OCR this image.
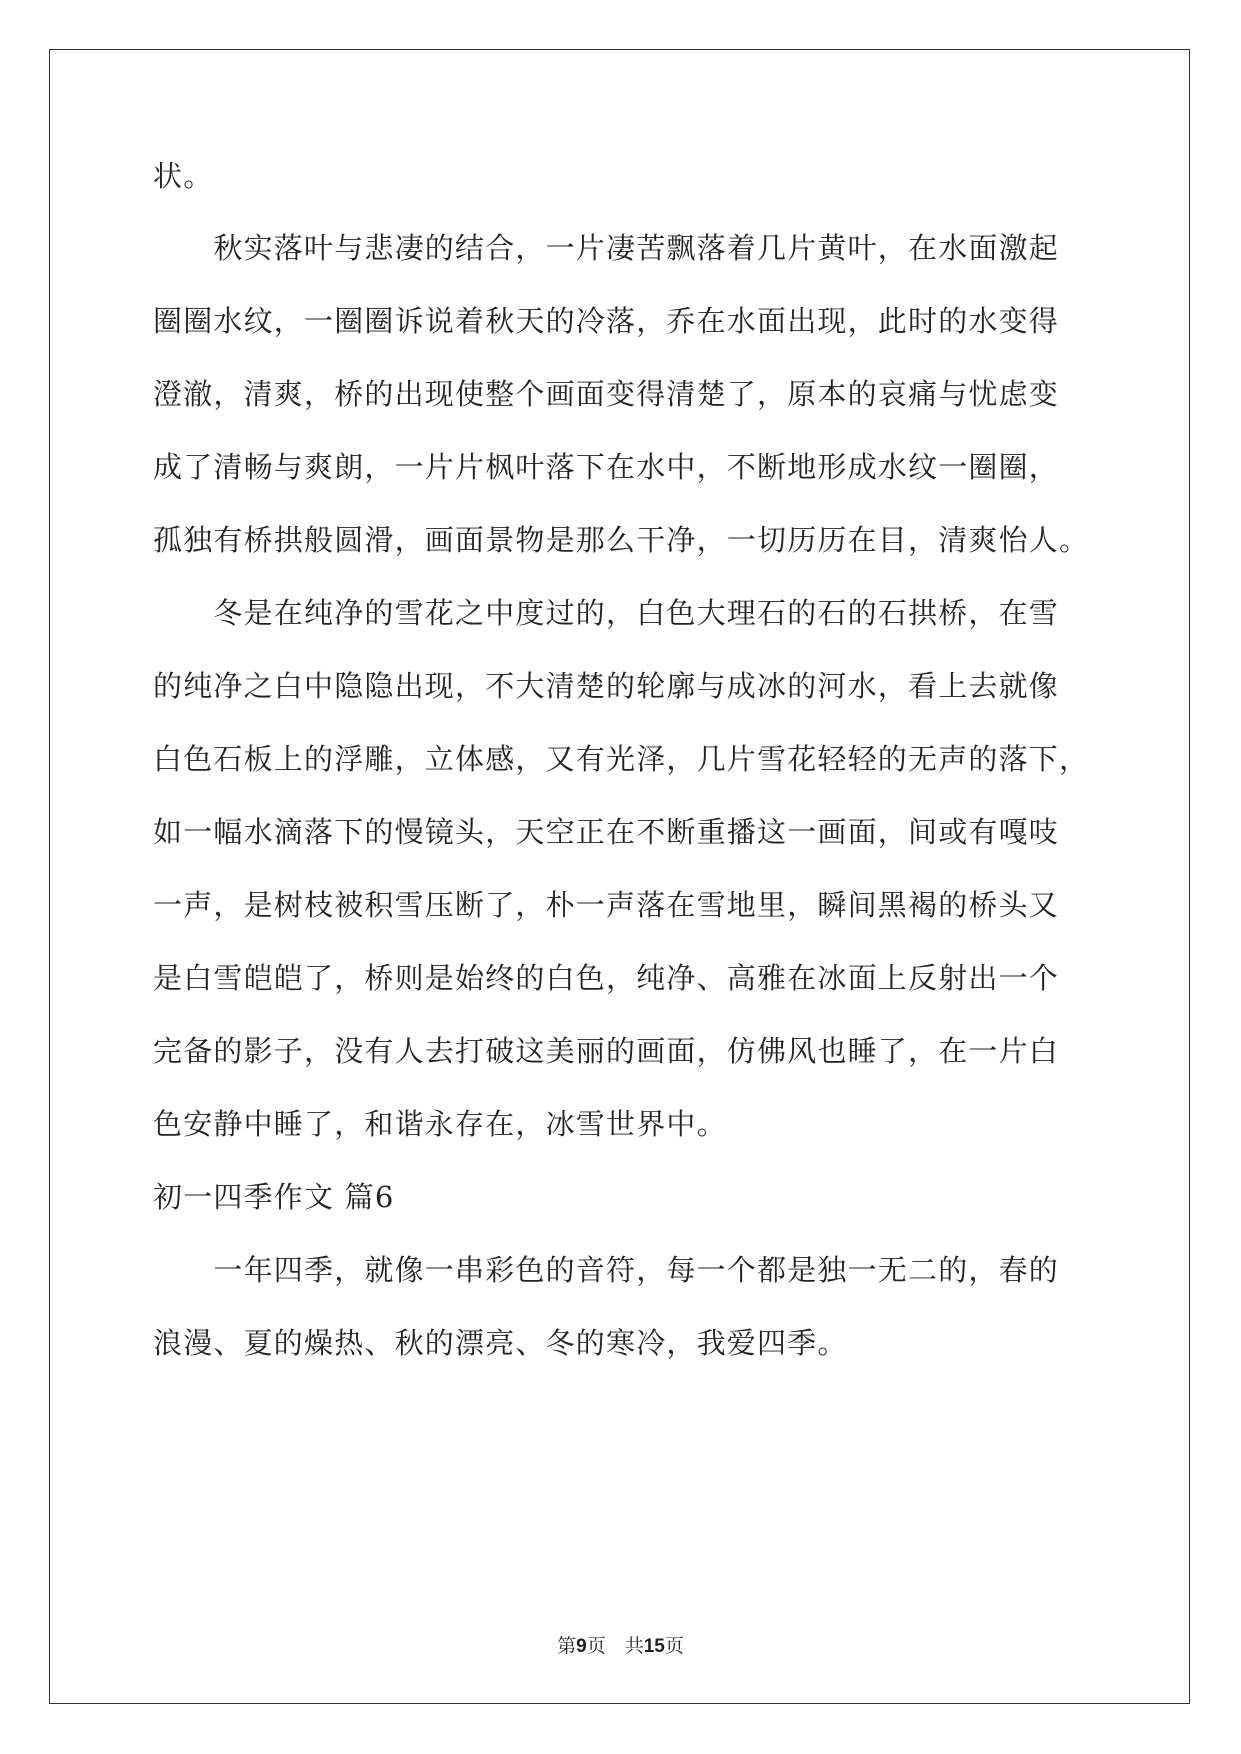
状。
　　秋实落叶与悲凄的结合，一片凄苦飘落着几片黄叶，在水面激起
圈圈水纹，一圈圈诉说着秋天的冷落，乔在水面出现，此时的水变得
澄澈，清爽，桥的出现使整个画面变得清楚了，原本的哀痛与忧虑变
成了清畅与爽朗，一片片枫叶落下在水中，不断地形成水纹一圈圈，
孤独有桥拱般圆滑，画面景物是那么干净，一切历历在目，清爽怡人。
　　冬是在纯净的雪花之中度过的，白色大理石的石的石拱桥，在雪
的纯净之白中隐隐出现，不大清楚的轮廓与成冰的河水，看上去就像
白色石板上的浮雕，立体感，又有光泽，几片雪花轻轻的无声的落下，
如一幅水滴落下的慢镜头，天空正在不断重播这一画面，间或有嘎吱
一声，是树枝被积雪压断了，朴一声落在雪地里，瞬间黑褐的桥头又
是白雪皑皑了，桥则是始终的白色，纯净、高雅在冰面上反射出一个
完备的影子，没有人去打破这美丽的画面，仿佛风也睡了，在一片白
色安静中睡了，和谐永存在，冰雪世界中。
初一四季作文 篇6
　　一年四季，就像一串彩色的音符，每一个都是独一无二的，春的
浪漫、夏的燥热、秋的漂亮、冬的寒冷，我爱四季。
第9页　共15页
